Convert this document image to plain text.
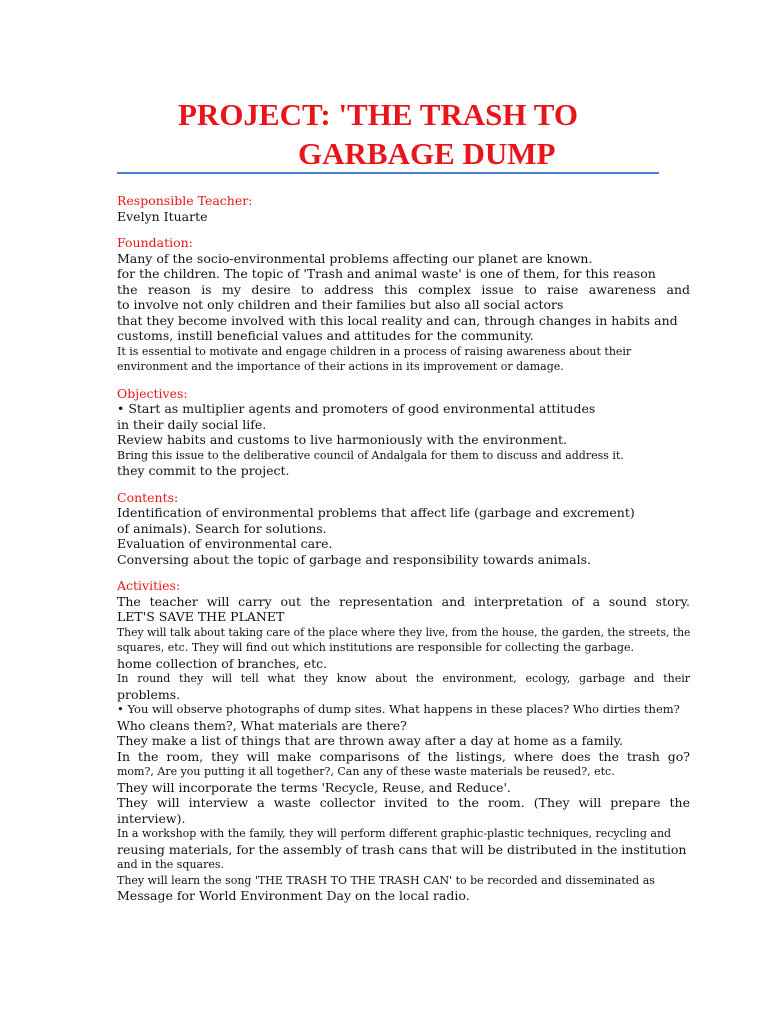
PROJECT: 'THE TRASH TO
GARBAGE DUMP
Responsible Teacher:
Evelyn Ituarte
Foundation:
Many of the socio-environmental problems affecting our planet are known.
for the children. The topic of 'Trash and animal waste' is one of them, for this reason
the reason is my desire to address this complex issue to raise awareness and
to involve not only children and their families but also all social actors
that they become involved with this local reality and can, through changes in habits and
customs, instill beneficial values and attitudes for the community.
It is essential to motivate and engage children in a process of raising awareness about their
environment and the importance of their actions in its improvement or damage.
Objectives:
• Start as multiplier agents and promoters of good environmental attitudes
in their daily social life.
Review habits and customs to live harmoniously with the environment.
Bring this issue to the deliberative council of Andalgala for them to discuss and address it.
they commit to the project.
Contents:
Identification of environmental problems that affect life (garbage and excrement)
of animals). Search for solutions.
Evaluation of environmental care.
Conversing about the topic of garbage and responsibility towards animals.
Activities:
The teacher will carry out the representation and interpretation of a sound story.
LET'S SAVE THE PLANET
They will talk about taking care of the place where they live, from the house, the garden, the streets, the
squares, etc. They will find out which institutions are responsible for collecting the garbage.
home collection of branches, etc.
In round they will tell what they know about the environment, ecology, garbage and their
problems.
• You will observe photographs of dump sites. What happens in these places? Who dirties them?
Who cleans them?, What materials are there?
They make a list of things that are thrown away after a day at home as a family.
In the room, they will make comparisons of the listings, where does the trash go?
mom?, Are you putting it all together?, Can any of these waste materials be reused?, etc.
They will incorporate the terms 'Recycle, Reuse, and Reduce'.
They will interview a waste collector invited to the room. (They will prepare the
interview).
In a workshop with the family, they will perform different graphic-plastic techniques, recycling and
reusing materials, for the assembly of trash cans that will be distributed in the institution
and in the squares.
They will learn the song 'THE TRASH TO THE TRASH CAN' to be recorded and disseminated as
Message for World Environment Day on the local radio.
